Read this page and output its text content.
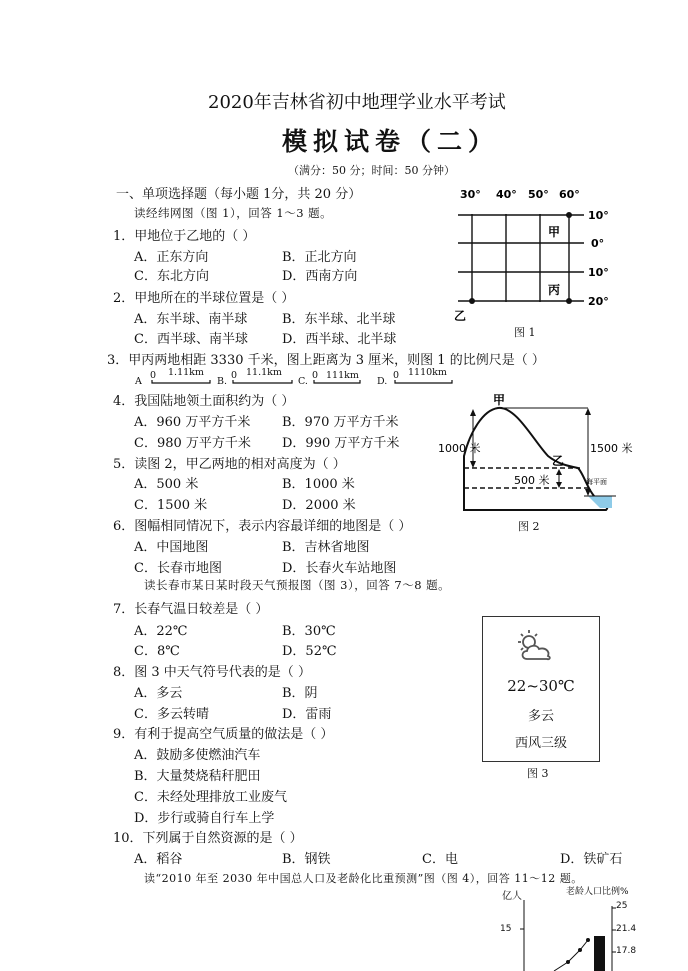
2020年吉林省初中地理学业水平考试
模拟试卷（二）
（满分：50 分；时间：50 分钟）
一、单项选择题（每小题 1分，共 20 分）
读经纬网图（图 1），回答 1～3 题。
1．甲地位于乙地的（ ）
A．正东方向	B．正北方向
C．东北方向	D．西南方向
2．甲地所在的半球位置是（ ）
A．东半球、南半球	B．东半球、北半球
C．西半球、南半球	D．西半球、北半球
3．甲丙两地相距 3330 千米，图上距离为 3 厘米，则图 1 的比例尺是（ ）
A
0 1.11km
B.
0 11.1km
C.
0 111km
D.
0 1110km
4．我国陆地领土面积约为（ ）
A．960 万平方千米 B．970 万平方千米
C．980 万平方千米 D．990 万平方千米
5．读图 2，甲乙两地的相对高度为（ ）
A．500 米	B．1000 米
C．1500 米	D．2000 米
6．图幅相同情况下，表示内容最详细的地图是（ ）
A．中国地图	B．吉林省地图
C．长春市地图	D．长春火车站地图
读长春市某日某时段天气预报图（图 3），回答 7～8 题。
7．长春气温日较差是（ ）
A．22℃	B．30℃
C．8℃	D．52℃
8．图 3 中天气符号代表的是（ ）
A．多云	B．阴
C．多云转晴	D．雷雨
9．有利于提高空气质量的做法是（ ）
A．鼓励多使燃油汽车
B．大量焚烧秸秆肥田
C．未经处理排放工业废气
D．步行或骑自行车上学
10．下列属于自然资源的是（ ）
A．稻谷	B．钢铁	C．电	D．铁矿石
读“2010 年至 2030 年中国总人口及老龄化比重预测”图（图 4），回答 11～12 题。
30° 40° 50° 60°
10°
0°
10°
20°
甲
丙
乙
图 1
甲
乙
1000 米	1500 米
500 米	海平面
图 2
22~30℃
多云
西风三级
图 3
亿人	老龄人口比例%
15
25
21.4
17.8
